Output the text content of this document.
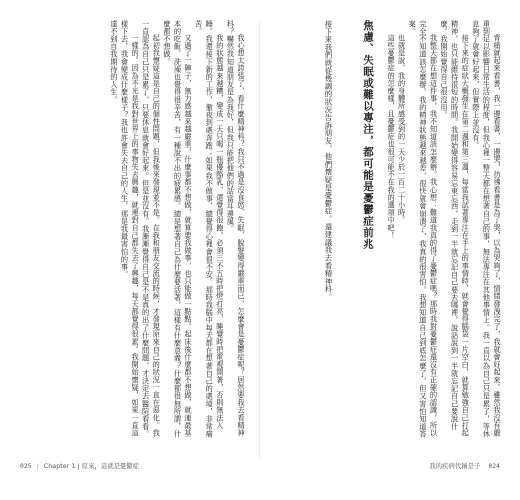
我心想太誇張了，看什麼精神科？我只不過是沒食慾、失眠、脫髮變得嚴重而已，怎麼會是憂鬱症呢？居然要我去看精神科？嚇然我知道朋友是為我好，但我只能把他們的話當耳邊風。

我的狀態越來越糟，變成一天只喝一瓶優酪乳，還覺得很飽。必須三不五時把燈打亮，睡覺時把電視開著，否則無法入睡。我還接下新的工作，徹夜到處奔跑；如果我不做事，總覺得心裡會很不安。那時我腦中每天都在想著自己的處境，非常痛苦。

又過了一陣子，無力感越來越嚴重，什麼事都不想做，就算要我做事，也只能做一點點。起床後什麼都不想做，就連最基本的吃飯、洗澡也覺得很辛苦，有一種說不出的疲累感。總是想著自己為什麼要活著，這樣有什麼意義？什麼都很無所謂，什麼都不想做。

起初我懷疑這是自己的個性問題，但我後來發現並不是。在我和朋友交流的時候，才發現原來自己的狀況一直在惡化。我一直認為自己只是累了，只要休息就會好起來。但是並沒有。我漸漸覺得自己是不是真的出了什麼問題，才決定去醫院看看。

一樣的。因為不光是我對世界上的事物失去興趣，就連對自己都失去了興趣，每天都覺得很累。我開始懷疑，如果一直這樣下去，我會變成什麼樣子？我也許會失去自己的人生，那是我最害怕的事。

達不到自我期待的人生。

025 | Chapter 1 | 原來，這就是憂鬱症

背痛就起來看書，我一邊看書，一邊哭，彷彿看書是為了哭，以為哭夠了，情緒發洩完了，我就會好起來。雖然我沒有嚴重到足以影響日常生活的程度，但我心裡一整天都在想著自己的事，無法專注在其他事情上。我一直以為自己只是累了，等休息夠了就會好起來，但實際上並沒有。

接下來的症狀大概發生在第二週和第三週，每當我試著專注在手上的事情時，就會覺得腦袋一片空白，就算勉強自己打起精神，也只能維持很短的時間。我開始變得容易忘東忘西，走到一半就忘記自己要去哪裡，說話說到一半就忘記自己要說什麼。我開始覺得自己很沒用。

我整天都在想這件事，我不知道該怎麼辦。我心想：難道我真的得了憂鬱症嗎？那時我對憂鬱症還沒有正確的認識，所以完全不知道該怎麼辦。我的精神狀態越來越差，很快就會崩潰了，我真的很害怕。我想知道自己到底怎麼了，但又害怕知道答案。

也就是說，我的身體所感受到的一天少於一百二十小時。

這些憂鬱症的怎麼樣，且憂鬱症也很可能不在我的選項中吧！

焦慮、失眠或難以專注，都可能是憂鬱症前兆
接下來我們就從幾調的狀況告訴朋友，他們懷疑是憂鬱症，還建議我去看精神科。
我的疾病代稱是子 024
